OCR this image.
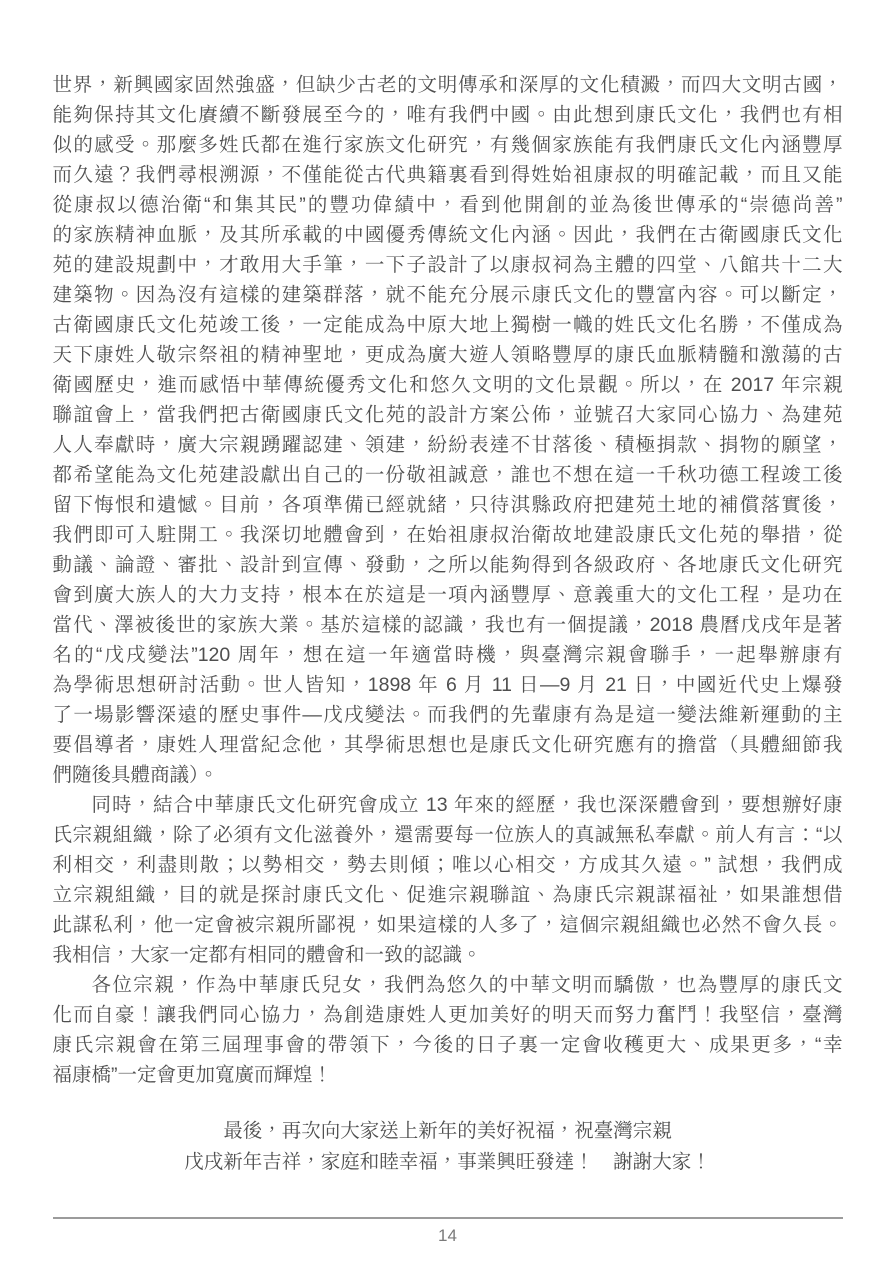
世界，新興國家固然強盛，但缺少古老的文明傳承和深厚的文化積澱，而四大文明古國，
能夠保持其文化賡續不斷發展至今的，唯有我們中國。由此想到康氏文化，我們也有相
似的感受。那麼多姓氏都在進行家族文化研究，有幾個家族能有我們康氏文化內涵豐厚
而久遠？我們尋根溯源，不僅能從古代典籍裏看到得姓始祖康叔的明確記載，而且又能
從康叔以德治衛“和集其民”的豐功偉績中，看到他開創的並為後世傳承的“崇德尚善”
的家族精神血脈，及其所承載的中國優秀傳統文化內涵。因此，我們在古衛國康氏文化
苑的建設規劃中，才敢用大手筆，一下子設計了以康叔祠為主體的四堂、八館共十二大
建築物。因為沒有這樣的建築群落，就不能充分展示康氏文化的豐富內容。可以斷定，
古衛國康氏文化苑竣工後，一定能成為中原大地上獨樹一幟的姓氏文化名勝，不僅成為
天下康姓人敬宗祭祖的精神聖地，更成為廣大遊人領略豐厚的康氏血脈精髓和激蕩的古
衛國歷史，進而感悟中華傳統優秀文化和悠久文明的文化景觀。所以，在 2017 年宗親
聯誼會上，當我們把古衛國康氏文化苑的設計方案公佈，並號召大家同心協力、為建苑
人人奉獻時，廣大宗親踴躍認建、領建，紛紛表達不甘落後、積極捐款、捐物的願望，
都希望能為文化苑建設獻出自己的一份敬祖誠意，誰也不想在這一千秋功德工程竣工後
留下悔恨和遺憾。目前，各項準備已經就緒，只待淇縣政府把建苑土地的補償落實後，
我們即可入駐開工。我深切地體會到，在始祖康叔治衛故地建設康氏文化苑的舉措，從
動議、論證、審批、設計到宣傳、發動，之所以能夠得到各級政府、各地康氏文化研究
會到廣大族人的大力支持，根本在於這是一項內涵豐厚、意義重大的文化工程，是功在
當代、澤被後世的家族大業。基於這樣的認識，我也有一個提議，2018 農曆戊戌年是著
名的“戊戌變法”120 周年，想在這一年適當時機，與臺灣宗親會聯手，一起舉辦康有
為學術思想研討活動。世人皆知，1898 年 6 月 11 日—9 月 21 日，中國近代史上爆發
了一場影響深遠的歷史事件—戊戌變法。而我們的先輩康有為是這一變法維新運動的主
要倡導者，康姓人理當紀念他，其學術思想也是康氏文化研究應有的擔當（具體細節我
們隨後具體商議）。
同時，結合中華康氏文化研究會成立 13 年來的經歷，我也深深體會到，要想辦好康
氏宗親組織，除了必須有文化滋養外，還需要每一位族人的真誠無私奉獻。前人有言：“以
利相交，利盡則散；以勢相交，勢去則傾；唯以心相交，方成其久遠。” 試想，我們成
立宗親組織，目的就是探討康氏文化、促進宗親聯誼、為康氏宗親謀福祉，如果誰想借
此謀私利，他一定會被宗親所鄙視，如果這樣的人多了，這個宗親組織也必然不會久長。
我相信，大家一定都有相同的體會和一致的認識。
各位宗親，作為中華康氏兒女，我們為悠久的中華文明而驕傲，也為豐厚的康氏文
化而自豪！讓我們同心協力，為創造康姓人更加美好的明天而努力奮鬥！我堅信，臺灣
康氏宗親會在第三屆理事會的帶領下，今後的日子裏一定會收穫更大、成果更多，“幸
福康橋”一定會更加寬廣而輝煌！
最後，再次向大家送上新年的美好祝福，祝臺灣宗親
戊戌新年吉祥，家庭和睦幸福，事業興旺發達！　謝謝大家！
14
